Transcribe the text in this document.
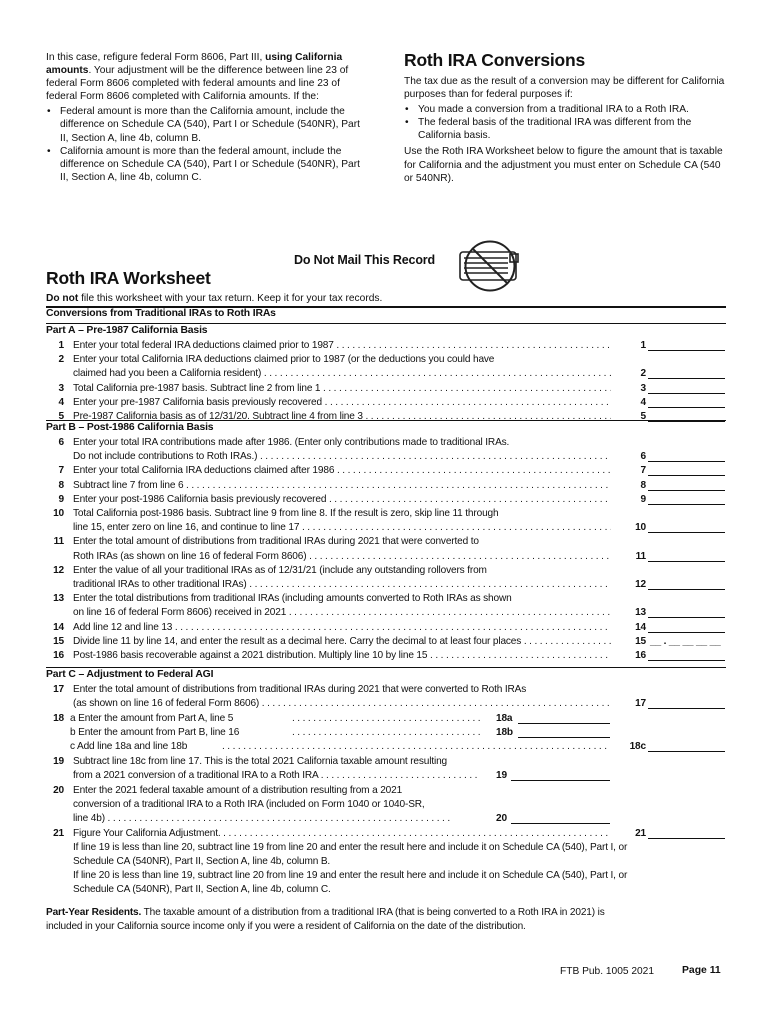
In this case, refigure federal Form 8606, Part III, using California amounts. Your adjustment will be the difference between line 23 of federal Form 8606 completed with federal amounts and line 23 of federal Form 8606 completed with California amounts. If the:

• Federal amount is more than the California amount, include the difference on Schedule CA (540), Part I or Schedule (540NR), Part II, Section A, line 4b, column B.
• California amount is more than the federal amount, include the difference on Schedule CA (540), Part I or Schedule (540NR), Part II, Section A, line 4b, column C.
Roth IRA Conversions

The tax due as the result of a conversion may be different for California purposes than for federal purposes if:

• You made a conversion from a traditional IRA to a Roth IRA.
• The federal basis of the traditional IRA was different from the California basis.

Use the Roth IRA Worksheet below to figure the amount that is taxable for California and the adjustment you must enter on Schedule CA (540 or 540NR).

Do Not Mail This Record
Roth IRA Worksheet
Do not file this worksheet with your tax return. Keep it for your tax records.
Conversions from Traditional IRAs to Roth IRAs
Part A – Pre-1987 California Basis
1 Enter your total federal IRA deductions claimed prior to 1987 . . .	1
2 Enter your total California IRA deductions claimed prior to 1987 (or the deductions you could have
claimed had you been a California resident) . . .	2
3 Total California pre-1987 basis. Subtract line 2 from line 1 . . .	3
4 Enter your pre-1987 California basis previously recovered . . .	4
5 Pre-1987 California basis as of 12/31/20. Subtract line 4 from line 3 . . .	5
Part B – Post-1986 California Basis
6 Enter your total IRA contributions made after 1986. (Enter only contributions made to traditional IRAs.
Do not include contributions to Roth IRAs.) . . .	6
7 Enter your total California IRA deductions claimed after 1986 . . .	7
8 Subtract line 7 from line 6 . . .	8
9 Enter your post-1986 California basis previously recovered . . .	9
10 Total California post-1986 basis. Subtract line 9 from line 8. If the result is zero, skip line 11 through
line 15, enter zero on line 16, and continue to line 17 . . .	10
11 Enter the total amount of distributions from traditional IRAs during 2021 that were converted to
Roth IRAs (as shown on line 16 of federal Form 8606) . . .	11
12 Enter the value of all your traditional IRAs as of 12/31/21 (include any outstanding rollovers from
traditional IRAs to other traditional IRAs) . . .	12
13 Enter the total distributions from traditional IRAs (including amounts converted to Roth IRAs as shown
on line 16 of federal Form 8606) received in 2021 . . .	13
14 Add line 12 and line 13 . . .	14
15 Divide line 11 by line 14, and enter the result as a decimal here. Carry the decimal to at least four places . . .	15 __ . __ __ __ __
16 Post-1986 basis recoverable against a 2021 distribution. Multiply line 10 by line 15 . . .	16
Part C – Adjustment to Federal AGI
17 Enter the total amount of distributions from traditional IRAs during 2021 that were converted to Roth IRAs
(as shown on line 16 of federal Form 8606) . . .	17
18 a Enter the amount from Part A, line 5	. . . . . . . . . . . . . . . . . . . . . . . . . . . . . . . . . . . . 18a
b Enter the amount from Part B, line 16	. . . . . . . . . . . . . . . . . . . . . . . . . . . . . . . . . . . . 18b
c Add line 18a and line 18b	. . . . . . . . . . . . . . . . . . . . . . . . . . . . . . . . . . . . . . . . . . . . . . . . . . . . . . . . . . . . . . . . . . . . . . . . .	18c
19 Subtract line 18c from line 17. This is the total 2021 California taxable amount resulting
from a 2021 conversion of a traditional IRA to a Roth IRA . . . . . . . . . . . . . . . . . . . . . . . . . . . . . .	19
20 Enter the 2021 federal taxable amount of a distribution resulting from a 2021
conversion of a traditional IRA to a Roth IRA (included on Form 1040 or 1040-SR,
line 4b) . . . . . . . . . . . . . . . . . . . . . . . . . . . . . . . . . . . . . . . . . . . . . . . . . . . . . . . . . . . . . . . . .	20
21 Figure Your California Adjustment. . . .	21
If line 19 is less than line 20, subtract line 19 from line 20 and enter the result here and include it on Schedule CA (540), Part I, or
Schedule CA (540NR), Part II, Section A, line 4b, column B.
If line 20 is less than line 19, subtract line 20 from line 19 and enter the result here and include it on Schedule CA (540), Part I, or
Schedule CA (540NR), Part II, Section A, line 4b, column C.
Part-Year Residents. The taxable amount of a distribution from a traditional IRA (that is being converted to a Roth IRA in 2021) is
included in your California source income only if you were a resident of California on the date of the distribution.
FTB Pub. 1005 2021	Page 11
